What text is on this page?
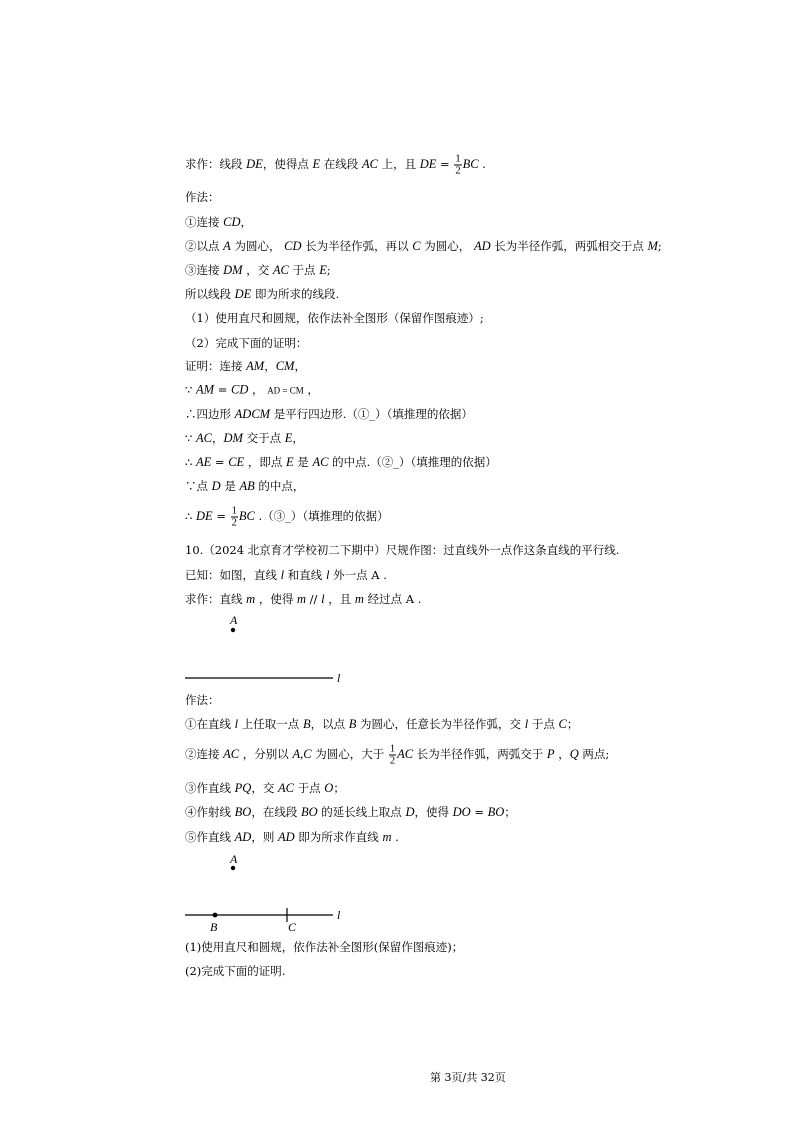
求作：线段 DE，使得点 E 在线段 AC 上，且 DE = $\frac{1}{2}$ BC .
作法：
①连接 CD，
②以点 A 为圆心， CD 长为半径作弧，再以 C 为圆心， AD 长为半径作弧，两弧相交于点 M;
③连接 DM ，交 AC 于点 E;
所以线段 DE 即为所求的线段.
（1）使用直尺和圆规，依作法补全图形（保留作图痕迹）;
（2）完成下面的证明：
证明：连接 AM，CM，
∵ AM = CD ， AD = CM ，
∴四边形 ADCM 是平行四边形.（①_）（填推理的依据）
∵ AC，DM 交于点 E，
∴ AE = CE ，即点 E 是 AC 的中点.（②_）（填推理的依据）
∵点 D 是 AB 的中点，
∴ DE = $\frac{1}{2}$ BC .（③_）（填推理的依据）
10.（2024 北京育才学校初二下期中）尺规作图：过直线外一点作这条直线的平行线.
已知：如图，直线 l 和直线 l 外一点 A .
求作：直线 m ，使得 m // l ，且 m 经过点 A .
作法：
①在直线 l 上任取一点 B，以点 B 为圆心，任意长为半径作弧，交 l 于点 C；
②连接 AC ，分别以 A,C 为圆心，大于 $\frac{1}{2}$ AC 长为半径作弧，两弧交于 P ，Q 两点;
③作直线 PQ，交 AC 于点 O；
④作射线 BO，在线段 BO 的延长线上取点 D，使得 DO = BO；
⑤作直线 AD，则 AD 即为所求作直线 m .
(1)使用直尺和圆规，依作法补全图形(保留作图痕迹)；
(2)完成下面的证明.
A
l
A
B	C
l
第 3页/共 32页
